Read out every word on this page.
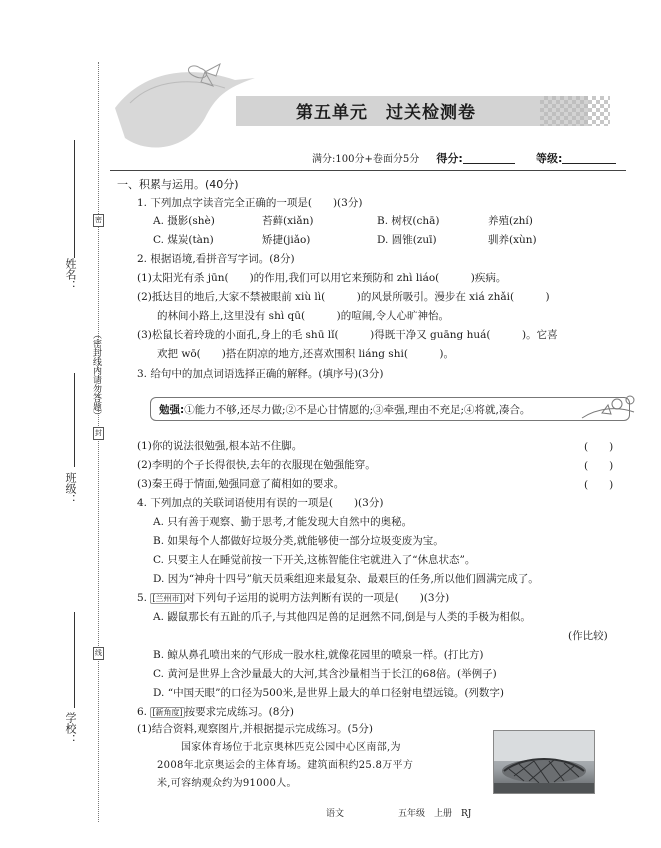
密
封
线
（密封线内请勿答题）
姓名：
班级：
学校：
第五单元　过关检测卷
满分:100分+卷面分5分 得分:	等级:
一、积累与运用。(40分)
1. 下列加点字读音完全正确的一项是(　　)(3分)
A. 摄影(shè)	苔藓(xiǎn)	B. 树杈(chā)	养殖(zhí)
C. 煤炭(tàn)	矫捷(jiǎo)	D. 圆锥(zuī)	驯养(xùn)
2. 根据语境,看拼音写字词。(8分)
(1)太阳光有杀 jūn(　　)的作用,我们可以用它来预防和 zhì liáo(　　　)疾病。
(2)抵达目的地后,大家不禁被眼前 xiù lì(　　　)的风景所吸引。漫步在 xiá zhǎi(　　　)
的林间小路上,这里没有 shì qū(　　　)的喧闹,令人心旷神怡。
(3)松鼠长着玲珑的小面孔,身上的毛 shū lǐ(　　　)得既干净又 guāng huá(　　　)。它喜
欢把 wō(　　)搭在阴凉的地方,还喜欢围积 liáng shi(　　　)。
3. 给句中的加点词语选择正确的解释。(填序号)(3分)
勉强:①能力不够,还尽力做;②不是心甘情愿的;③牵强,理由不充足;④将就,凑合。
(1)你的说法很勉强,根本站不住脚。	(　　)
(2)李明的个子长得很快,去年的衣服现在勉强能穿。	(　　)
(3)秦王碍于情面,勉强同意了蔺相如的要求。	(　　)
4. 下列加点的关联词语使用有误的一项是(　　)(3分)
A. 只有善于观察、勤于思考,才能发现大自然中的奥秘。
B. 如果每个人都做好垃圾分类,就能够使一部分垃圾变废为宝。
C. 只要主人在睡觉前按一下开关,这栋智能住宅就进入了“休息状态”。
D. 因为“神舟十四号”航天员乘组迎来最复杂、最艰巨的任务,所以他们圆满完成了。
5. [兰州市] 对下列句子运用的说明方法判断有误的一项是(　　)(3分)
A. 鼹鼠那长有五趾的爪子,与其他四足兽的足迥然不同,倒是与人类的手极为相似。
(作比较)
B. 鲸从鼻孔喷出来的气形成一股水柱,就像花园里的喷泉一样。(打比方)
C. 黄河是世界上含沙量最大的大河,其含沙量相当于长江的68倍。(举例子)
D. “中国天眼”的口径为500米,是世界上最大的单口径射电望远镜。(列数字)
6. [新角度] 按要求完成练习。(8分)
(1)结合资料,观察图片,并根据提示完成练习。(5分)
国家体育场位于北京奥林匹克公园中心区南部,为
2008年北京奥运会的主体育场。建筑面积约25.8万平方
米,可容纳观众约为91000人。
语文	五年级　上册　RJ
